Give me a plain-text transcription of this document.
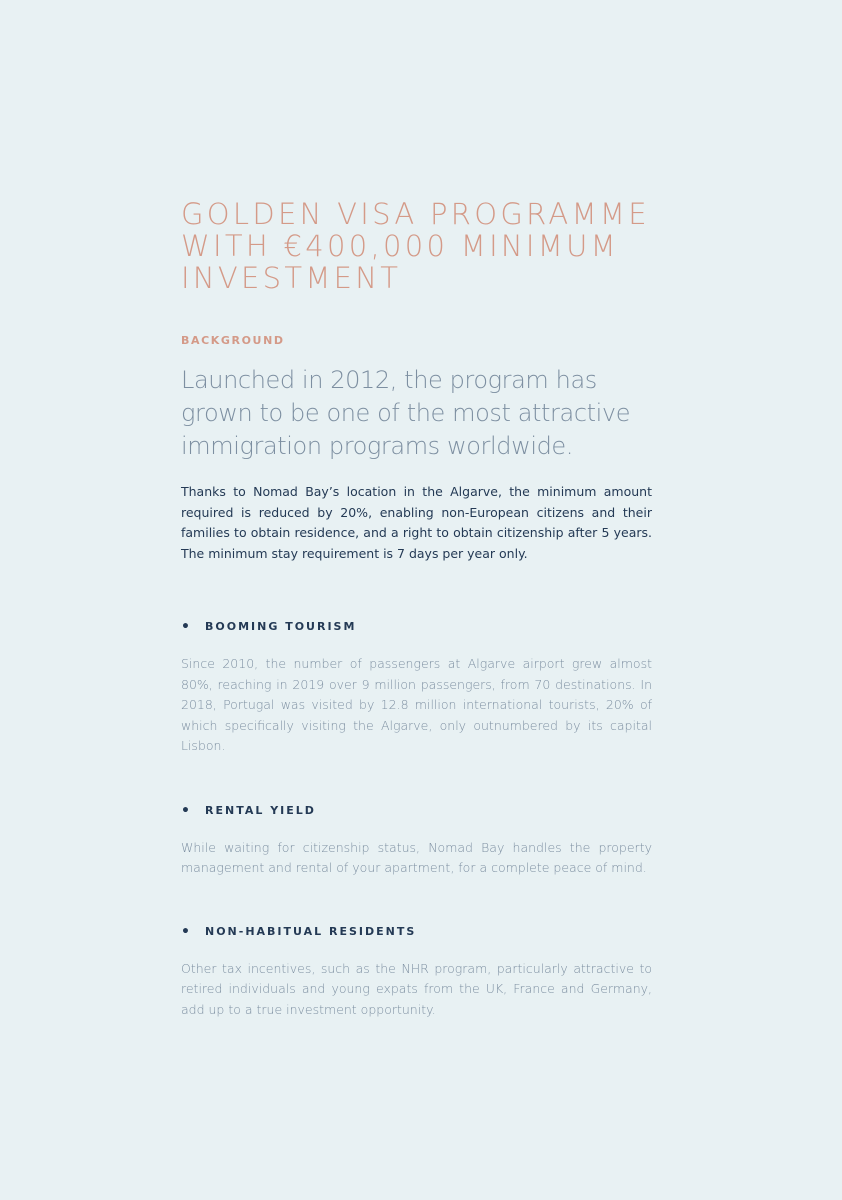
GOLDEN VISA PROGRAMME
WITH €400,000 MINIMUM
INVESTMENT
BACKGROUND
Launched in 2012, the program has
grown to be one of the most attractive
immigration programs worldwide.

Thanks to Nomad Bay’s location in the Algarve, the minimum amount required is reduced by 20%, enabling non-European citizens and their families to obtain residence, and a right to obtain citizenship after 5 years. The minimum stay requirement is 7 days per year only.

•	BOOMING TOURISM

Since 2010, the number of passengers at Algarve airport grew almost 80%, reaching in 2019 over 9 million passengers, from 70 destinations. In 2018, Portugal was visited by 12.8 million international tourists, 20% of which specifically visiting the Algarve, only outnumbered by its capital Lisbon.

•	RENTAL YIELD

While waiting for citizenship status, Nomad Bay handles the property management and rental of your apartment, for a complete peace of mind.

•	NON-HABITUAL RESIDENTS

Other tax incentives, such as the NHR program, particularly attractive to retired individuals and young expats from the UK, France and Germany, add up to a true investment opportunity.
